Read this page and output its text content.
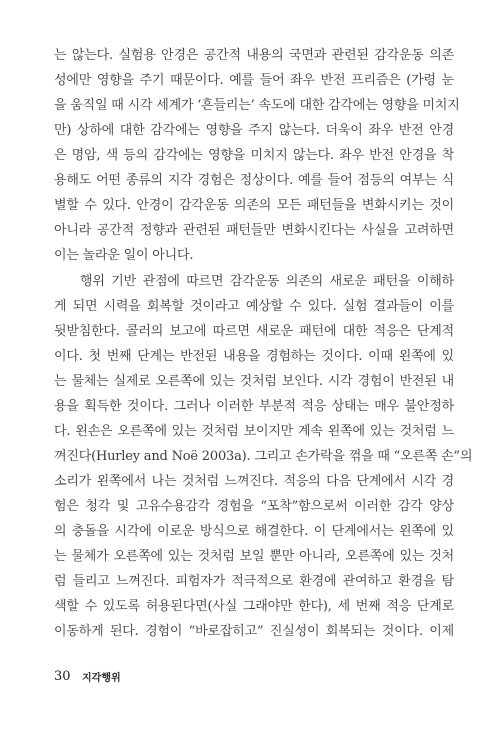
는 않는다. 실험용 안경은 공간적 내용의 국면과 관련된 감각운동 의존
성에만 영향을 주기 때문이다. 예를 들어 좌우 반전 프리즘은 (가령 눈
을 움직일 때 시각 세계가 ‘흔들리는’ 속도에 대한 감각에는 영향을 미치지
만) 상하에 대한 감각에는 영향을 주지 않는다. 더욱이 좌우 반전 안경
은 명암, 색 등의 감각에는 영향을 미치지 않는다. 좌우 반전 안경을 착
용해도 어떤 종류의 지각 경험은 정상이다. 예를 들어 점등의 여부는 식
별할 수 있다. 안경이 감각운동 의존의 모든 패턴들을 변화시키는 것이
아니라 공간적 정향과 관련된 패턴들만 변화시킨다는 사실을 고려하면
이는 놀라운 일이 아니다.
행위 기반 관점에 따르면 감각운동 의존의 새로운 패턴을 이해하
게 되면 시력을 회복할 것이라고 예상할 수 있다. 실험 결과들이 이를
뒷받침한다. 콜러의 보고에 따르면 새로운 패턴에 대한 적응은 단계적
이다. 첫 번째 단계는 반전된 내용을 경험하는 것이다. 이때 왼쪽에 있
는 물체는 실제로 오른쪽에 있는 것처럼 보인다. 시각 경험이 반전된 내
용을 획득한 것이다. 그러나 이러한 부분적 적응 상태는 매우 불안정하
다. 왼손은 오른쪽에 있는 것처럼 보이지만 계속 왼쪽에 있는 것처럼 느
껴진다(Hurley and Noë 2003a). 그리고 손가락을 꺾을 때 “오른쪽 손”의
소리가 왼쪽에서 나는 것처럼 느껴진다. 적응의 다음 단계에서 시각 경
험은 청각 및 고유수용감각 경험을 “포착”함으로써 이러한 감각 양상
의 충돌을 시각에 이로운 방식으로 해결한다. 이 단계에서는 왼쪽에 있
는 물체가 오른쪽에 있는 것처럼 보일 뿐만 아니라, 오른쪽에 있는 것처
럼 들리고 느껴진다. 피험자가 적극적으로 환경에 관여하고 환경을 탐
색할 수 있도록 허용된다면(사실 그래야만 한다), 세 번째 적응 단계로
이동하게 된다. 경험이 “바로잡히고” 진실성이 회복되는 것이다. 이제
30 지각행위
